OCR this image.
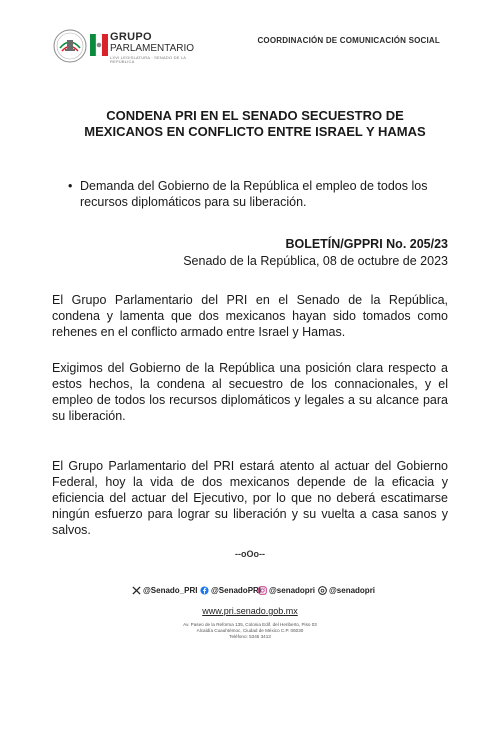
GRUPO
PARLAMENTARIO
LXVI LEGISLATURA · SENADO DE LA REPÚBLICA
COORDINACIÓN DE COMUNICACIÓN SOCIAL
CONDENA PRI EN EL SENADO SECUESTRO DE
MEXICANOS EN CONFLICTO ENTRE ISRAEL Y HAMAS
• Demanda del Gobierno de la República el empleo de todos los recursos diplomáticos para su liberación.
BOLETÍN/GPPRI No. 205/23
Senado de la República, 08 de octubre de 2023

El Grupo Parlamentario del PRI en el Senado de la República, condena y lamenta que dos mexicanos hayan sido tomados como rehenes en el conflicto armado entre Israel y Hamas.

Exigimos del Gobierno de la República una posición clara respecto a estos hechos, la condena al secuestro de los connacionales, y el empleo de todos los recursos diplomáticos y legales a su alcance para su liberación.

El Grupo Parlamentario del PRI estará atento al actuar del Gobierno Federal, hoy la vida de dos mexicanos depende de la eficacia y eficiencia del actuar del Ejecutivo, por lo que no deberá escatimarse ningún esfuerzo para lograr su liberación y su vuelta a casa sanos y salvos.

--oOo--
@Senado_PRI @SenadoPRI @senadopri @senadopri
www.pri.senado.gob.mx
Av. Paseo de la Reforma 135, Colonia Edif. del Heriberto, Piso 03
Alcaldía Cuauhtémoc, Ciudad de México C.P. 06030
Teléfono: 5345 3413
